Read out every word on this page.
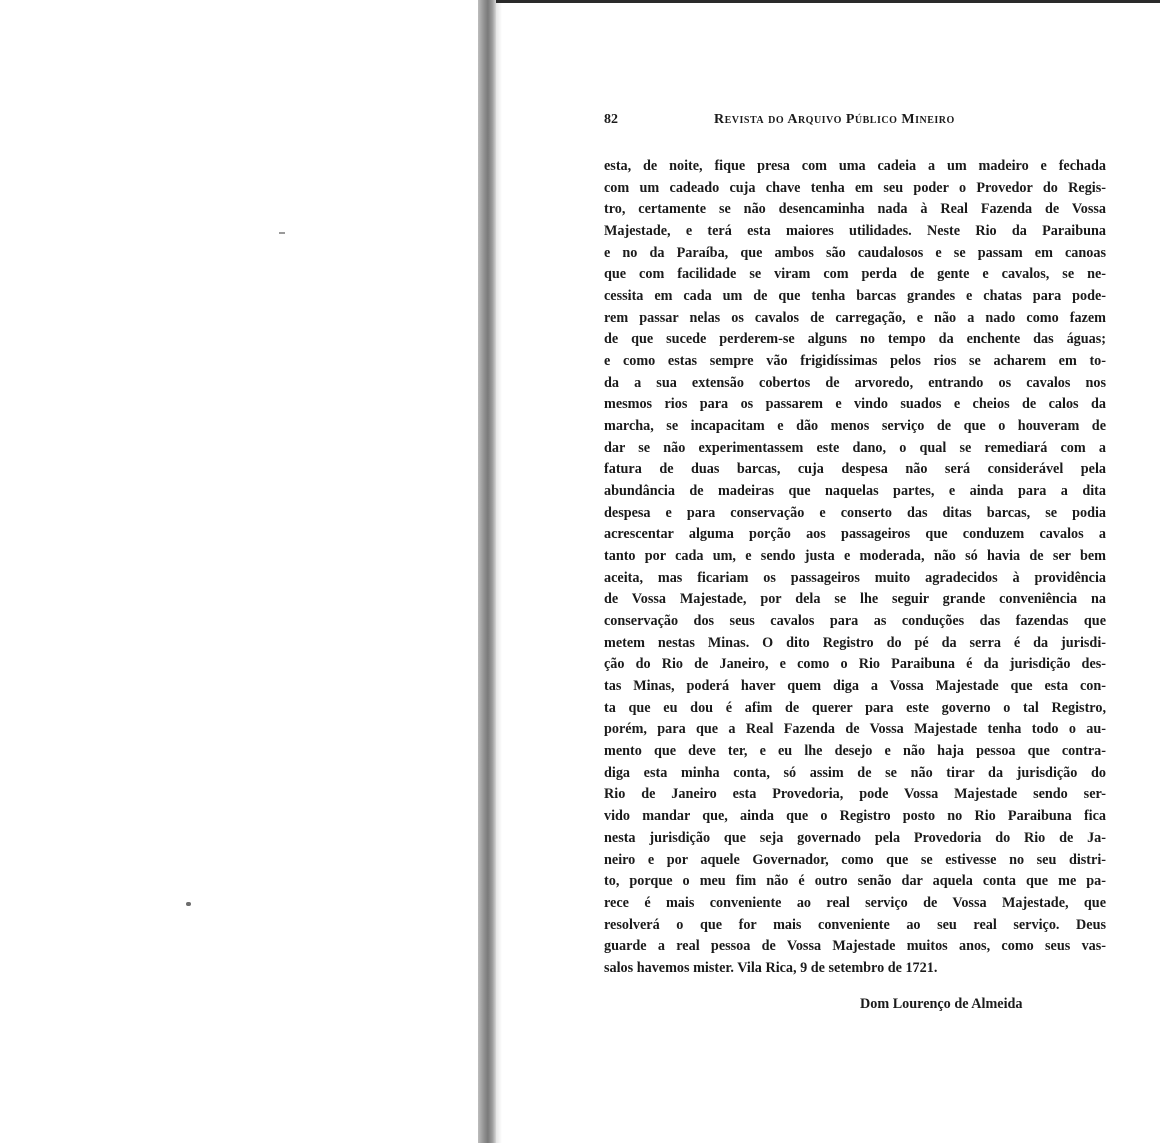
82	Revista do Arquivo Público Mineiro
esta, de noite, fique presa com uma cadeia a um madeiro e fechada
com um cadeado cuja chave tenha em seu poder o Provedor do Regis-
tro, certamente se não desencaminha nada à Real Fazenda de Vossa
Majestade, e terá esta maiores utilidades. Neste Rio da Paraibuna
e no da Paraíba, que ambos são caudalosos e se passam em canoas
que com facilidade se viram com perda de gente e cavalos, se ne-
cessita em cada um de que tenha barcas grandes e chatas para pode-
rem passar nelas os cavalos de carregação, e não a nado como fazem
de que sucede perderem-se alguns no tempo da enchente das águas;
e como estas sempre vão frigidíssimas pelos rios se acharem em to-
da a sua extensão cobertos de arvoredo, entrando os cavalos nos
mesmos rios para os passarem e vindo suados e cheios de calos da
marcha, se incapacitam e dão menos serviço de que o houveram de
dar se não experimentassem este dano, o qual se remediará com a
fatura de duas barcas, cuja despesa não será considerável pela
abundância de madeiras que naquelas partes, e ainda para a dita
despesa e para conservação e conserto das ditas barcas, se podia
acrescentar alguma porção aos passageiros que conduzem cavalos a
tanto por cada um, e sendo justa e moderada, não só havia de ser bem
aceita, mas ficariam os passageiros muito agradecidos à providência
de Vossa Majestade, por dela se lhe seguir grande conveniência na
conservação dos seus cavalos para as conduções das fazendas que
metem nestas Minas. O dito Registro do pé da serra é da jurisdi-
ção do Rio de Janeiro, e como o Rio Paraibuna é da jurisdição des-
tas Minas, poderá haver quem diga a Vossa Majestade que esta con-
ta que eu dou é afim de querer para este governo o tal Registro,
porém, para que a Real Fazenda de Vossa Majestade tenha todo o au-
mento que deve ter, e eu lhe desejo e não haja pessoa que contra-
diga esta minha conta, só assim de se não tirar da jurisdição do
Rio de Janeiro esta Provedoria, pode Vossa Majestade sendo ser-
vido mandar que, ainda que o Registro posto no Rio Paraibuna fica
nesta jurisdição que seja governado pela Provedoria do Rio de Ja-
neiro e por aquele Governador, como que se estivesse no seu distri-
to, porque o meu fim não é outro senão dar aquela conta que me pa-
rece é mais conveniente ao real serviço de Vossa Majestade, que
resolverá o que for mais conveniente ao seu real serviço. Deus
guarde a real pessoa de Vossa Majestade muitos anos, como seus vas-
salos havemos mister. Vila Rica, 9 de setembro de 1721.
Dom Lourenço de Almeida
